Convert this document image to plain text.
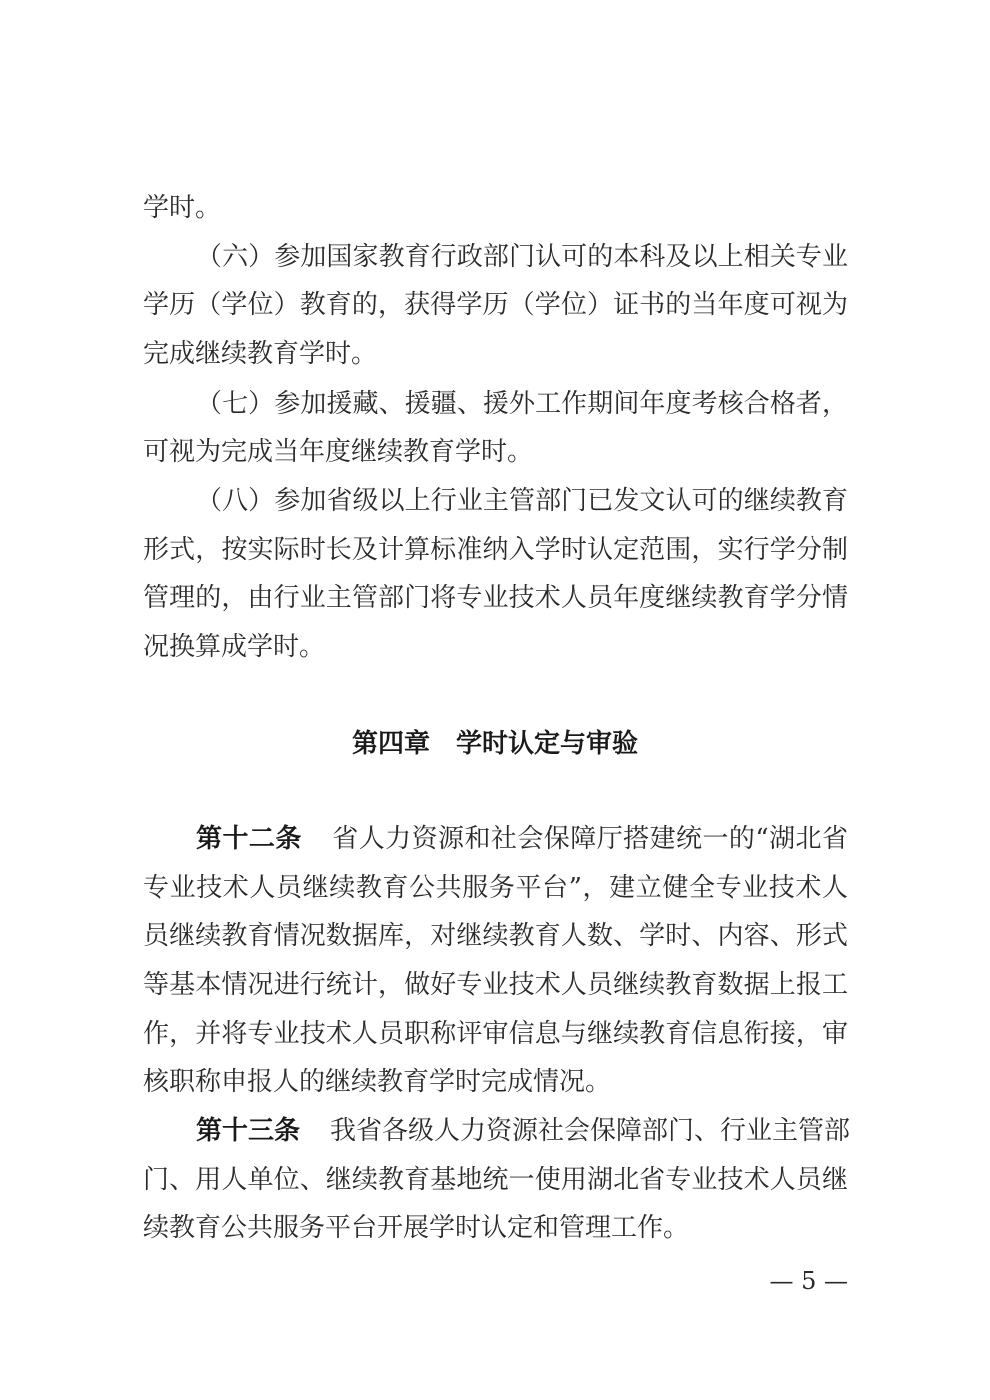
学时。
（六）参加国家教育行政部门认可的本科及以上相关专业
学历（学位）教育的，获得学历（学位）证书的当年度可视为
完成继续教育学时。
（七）参加援藏、援疆、援外工作期间年度考核合格者，
可视为完成当年度继续教育学时。
（八）参加省级以上行业主管部门已发文认可的继续教育
形式，按实际时长及计算标准纳入学时认定范围，实行学分制
管理的，由行业主管部门将专业技术人员年度继续教育学分情
况换算成学时。
第四章 学时认定与审验
第十二条 省人力资源和社会保障厅搭建统一的“湖北省
专业技术人员继续教育公共服务平台”，建立健全专业技术人
员继续教育情况数据库，对继续教育人数、学时、内容、形式
等基本情况进行统计，做好专业技术人员继续教育数据上报工
作，并将专业技术人员职称评审信息与继续教育信息衔接，审
核职称申报人的继续教育学时完成情况。
第十三条 我省各级人力资源社会保障部门、行业主管部
门、用人单位、继续教育基地统一使用湖北省专业技术人员继
续教育公共服务平台开展学时认定和管理工作。
— 5 —
